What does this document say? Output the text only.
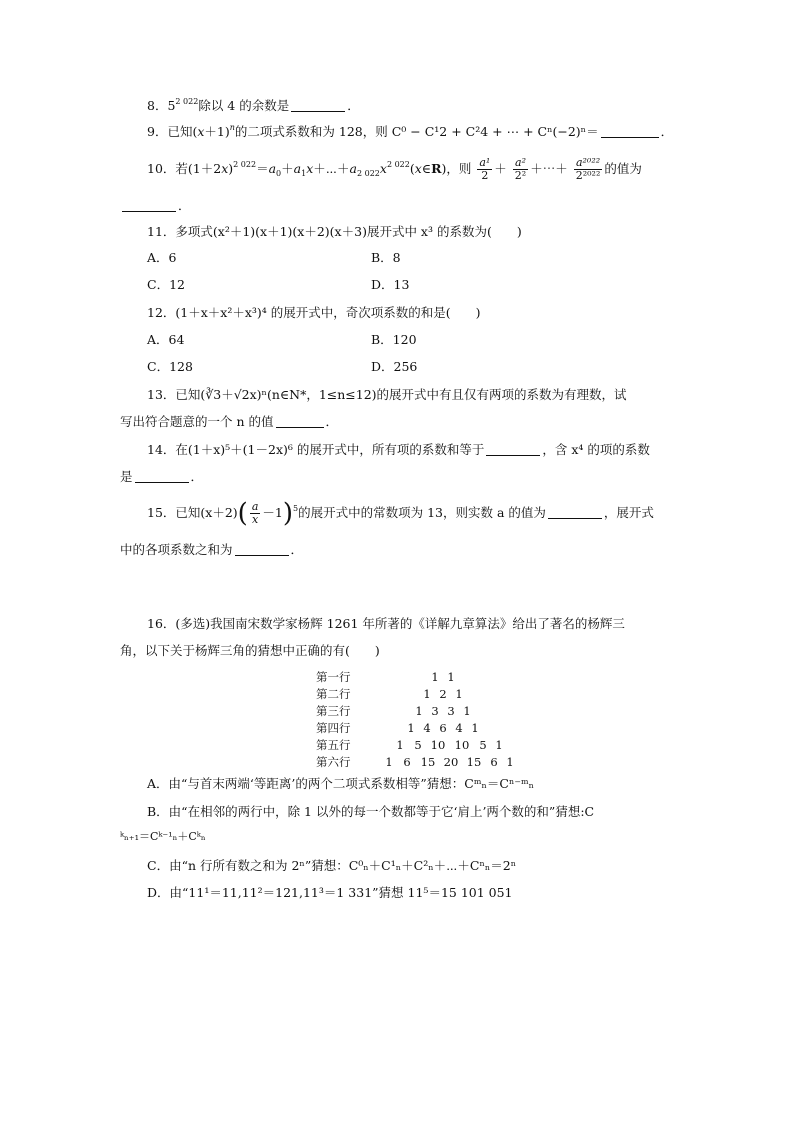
8．$5^{2 022}$除以 4 的余数是	．
9．已知$(x+1)^n$的二项式系数和为 128，则 C⁰ − C¹2 + C²4 + ⋯ + Cⁿ(−2)ⁿ＝	．
10．若$(1+2x)^{2 022}=a_0+a_1x+\cdots+a_{2 022}x^{2 022}(x\in R)$，则 $\frac{\text{a¹}}{2} + \frac{\text{a²}}{\text{2²}}$ ＋⋯＋ $\frac{\text{a²⁰²²}}{\text{2²⁰²²}}$ 的值为
．
11．多项式(x²＋1)(x＋1)(x＋2)(x＋3)展开式中 x³ 的系数为(　　)
A．6	B．8
C．12	D．13
12．(1＋x＋x²＋x³)⁴ 的展开式中，奇次项系数的和是(　　)
A．64	B．120
C．128	D．256
13．已知(∛3＋√2x)ⁿ(n∈N*，1≤n≤12)的展开式中有且仅有两项的系数为有理数，试
写出符合题意的一个 n 的值	．
14．在(1＋x)⁵＋(1－2x)⁶ 的展开式中，所有项的系数和等于	，含 x⁴ 的项的系数
是	．
15．已知$(x+2)( \frac{a}{x} -1)^5$的展开式中的常数项为 13，则实数 a 的值为	，展开式
中的各项系数之和为	．
16．(多选)我国南宋数学家杨辉 1261 年所著的《详解九章算法》给出了著名的杨辉三
角，以下关于杨辉三角的猜想中正确的有(　　)
第一行	1 1
第二行	1 2 1
第三行	1 3 3 1
第四行	1 4 6 4 1
第五行	1 5 10 10 5 1
第六行	1 6 15 20 15 6 1
A．由“与首末两端‘等距离’的两个二项式系数相等”猜想：Cᵐₙ＝Cⁿ⁻ᵐₙ
B．由“在相邻的两行中，除 1 以外的每一个数都等于它‘肩上’两个数的和”猜想:C
ᵏₙ₊₁＝Cᵏ⁻¹ₙ＋Cᵏₙ
C．由“n 行所有数之和为 2ⁿ”猜想：C⁰ₙ＋C¹ₙ＋C²ₙ＋⋯＋Cⁿₙ＝2ⁿ
D．由“11¹＝11,11²＝121,11³＝1 331”猜想 11⁵＝15 101 051
